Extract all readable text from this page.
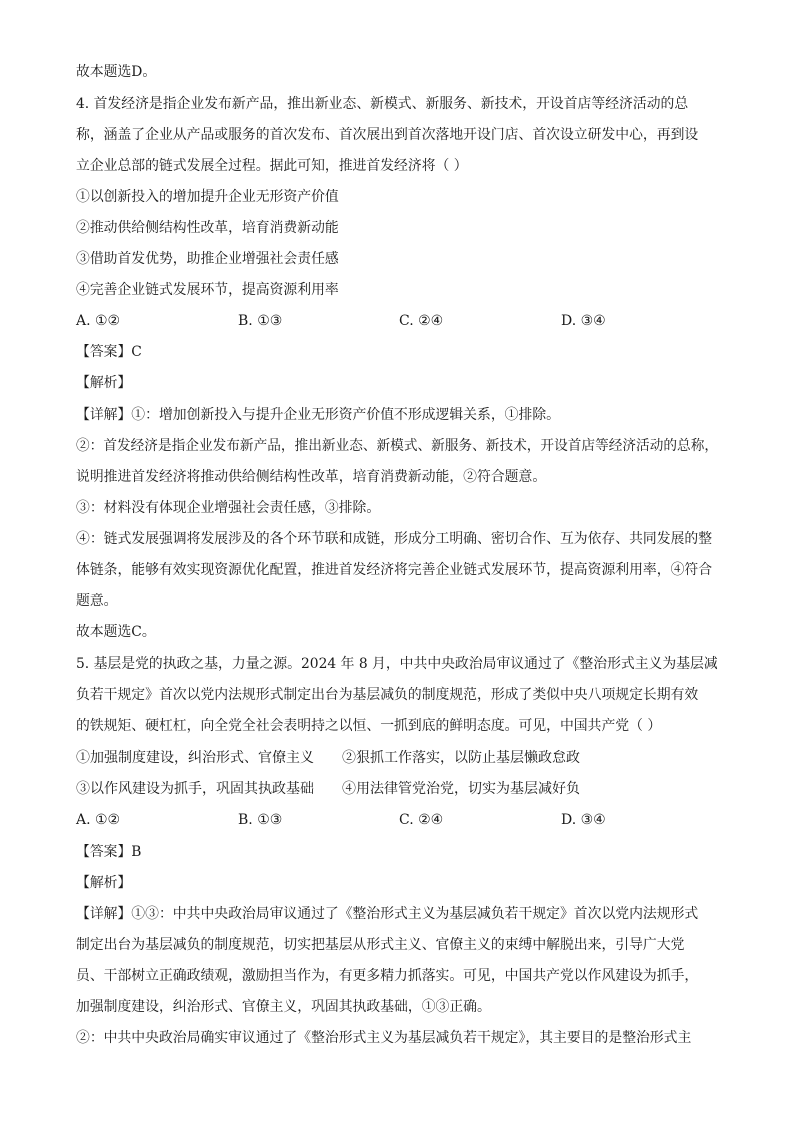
故本题选D。
4. 首发经济是指企业发布新产品，推出新业态、新模式、新服务、新技术，开设首店等经济活动的总
称，涵盖了企业从产品或服务的首次发布、首次展出到首次落地开设门店、首次设立研发中心，再到设
立企业总部的链式发展全过程。据此可知，推进首发经济将（ ）
①以创新投入的增加提升企业无形资产价值
②推动供给侧结构性改革，培育消费新动能
③借助首发优势，助推企业增强社会责任感
④完善企业链式发展环节，提高资源利用率
A. ①②	B. ①③	C. ②④	D. ③④
【答案】C
【解析】
【详解】①：增加创新投入与提升企业无形资产价值不形成逻辑关系，①排除。
②：首发经济是指企业发布新产品，推出新业态、新模式、新服务、新技术，开设首店等经济活动的总称，
说明推进首发经济将推动供给侧结构性改革，培育消费新动能，②符合题意。
③：材料没有体现企业增强社会责任感，③排除。
④：链式发展强调将发展涉及的各个环节联和成链，形成分工明确、密切合作、互为依存、共同发展的整
体链条，能够有效实现资源优化配置，推进首发经济将完善企业链式发展环节，提高资源利用率，④符合
题意。
故本题选C。
5. 基层是党的执政之基，力量之源。2024 年 8 月，中共中央政治局审议通过了《整治形式主义为基层减
负若干规定》首次以党内法规形式制定出台为基层减负的制度规范，形成了类似中央八项规定长期有效
的铁规矩、硬杠杠，向全党全社会表明持之以恒、一抓到底的鲜明态度。可见，中国共产党（ ）
①加强制度建设，纠治形式、官僚主义 ②狠抓工作落实，以防止基层懒政怠政
③以作风建设为抓手，巩固其执政基础 ④用法律管党治党，切实为基层减好负
A. ①②	B. ①③	C. ②④	D. ③④
【答案】B
【解析】
【详解】①③：中共中央政治局审议通过了《整治形式主义为基层减负若干规定》首次以党内法规形式
制定出台为基层减负的制度规范，切实把基层从形式主义、官僚主义的束缚中解脱出来，引导广大党
员、干部树立正确政绩观，激励担当作为，有更多精力抓落实。可见，中国共产党以作风建设为抓手，
加强制度建设，纠治形式、官僚主义，巩固其执政基础，①③正确。
②：中共中央政治局确实审议通过了《整治形式主义为基层减负若干规定》，其主要目的是整治形式主
